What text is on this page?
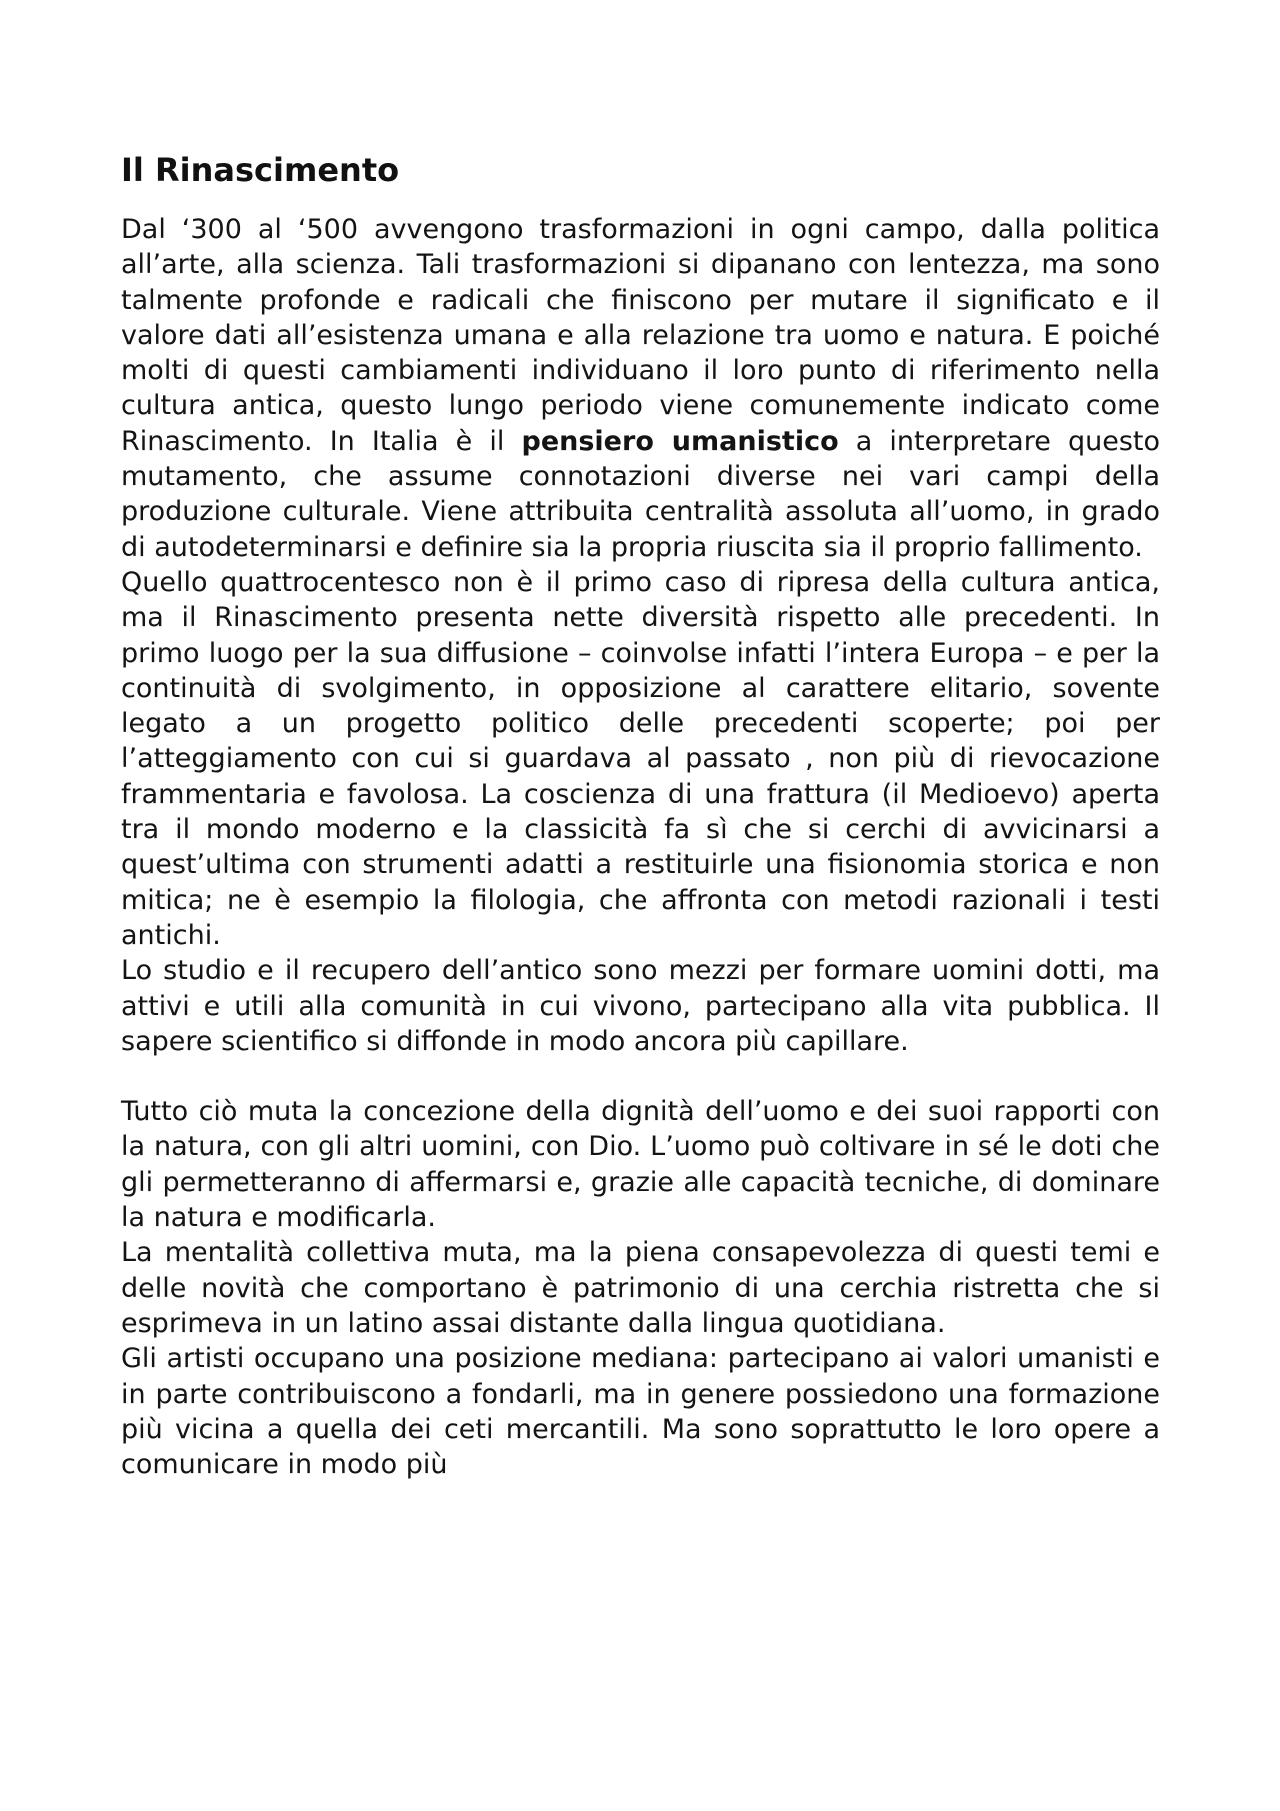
Il Rinascimento

Dal ‘300 al ‘500 avvengono trasformazioni in ogni campo, dalla politica all’arte, alla scienza. Tali trasformazioni si dipanano con lentezza, ma sono talmente profonde e radicali che finiscono per mutare il significato e il valore dati all’esistenza umana e alla relazione tra uomo e natura. E poiché molti di questi cambiamenti individuano il loro punto di riferimento nella cultura antica, questo lungo periodo viene comunemente indicato come Rinascimento. In Italia è il pensiero umanistico a interpretare questo mutamento, che assume connotazioni diverse nei vari campi della produzione culturale. Viene attribuita centralità assoluta all’uomo, in grado di autodeterminarsi e definire sia la propria riuscita sia il proprio fallimento.

Quello quattrocentesco non è il primo caso di ripresa della cultura antica, ma il Rinascimento presenta nette diversità rispetto alle precedenti. In primo luogo per la sua diffusione – coinvolse infatti l’intera Europa – e per la continuità di svolgimento, in opposizione al carattere elitario, sovente legato a un progetto politico delle precedenti scoperte; poi per l’atteggiamento con cui si guardava al passato , non più di rievocazione frammentaria e favolosa. La coscienza di una frattura (il Medioevo) aperta tra il mondo moderno e la classicità fa sì che si cerchi di avvicinarsi a quest’ultima con strumenti adatti a restituirle una fisionomia storica e non mitica; ne è esempio la filologia, che affronta con metodi razionali i testi antichi.

Lo studio e il recupero dell’antico sono mezzi per formare uomini dotti, ma attivi e utili alla comunità in cui vivono, partecipano alla vita pubblica. Il sapere scientifico si diffonde in modo ancora più capillare.

Tutto ciò muta la concezione della dignità dell’uomo e dei suoi rapporti con la natura, con gli altri uomini, con Dio. L’uomo può coltivare in sé le doti che gli permetteranno di affermarsi e, grazie alle capacità tecniche, di dominare la natura e modificarla.

La mentalità collettiva muta, ma la piena consapevolezza di questi temi e delle novità che comportano è patrimonio di una cerchia ristretta che si esprimeva in un latino assai distante dalla lingua quotidiana.

Gli artisti occupano una posizione mediana: partecipano ai valori umanisti e in parte contribuiscono a fondarli, ma in genere possiedono una formazione più vicina a quella dei ceti mercantili. Ma sono soprattutto le loro opere a comunicare in modo più
